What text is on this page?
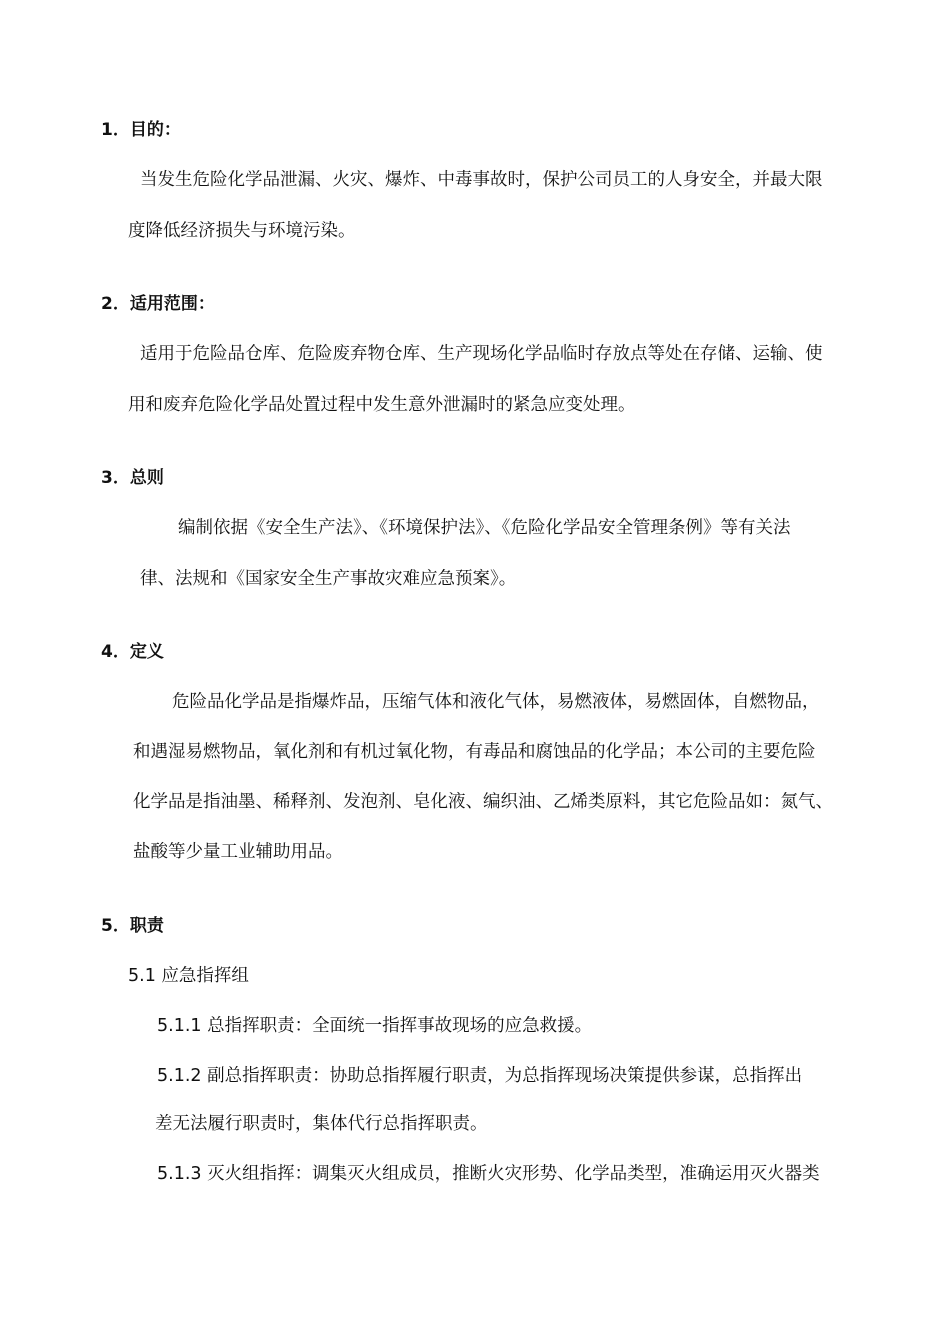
1．目的：
当发生危险化学品泄漏、火灾、爆炸、中毒事故时，保护公司员工的人身安全，并最大限
度降低经济损失与环境污染。
2．适用范围：
适用于危险品仓库、危险废弃物仓库、生产现场化学品临时存放点等处在存储、运输、使
用和废弃危险化学品处置过程中发生意外泄漏时的紧急应变处理。
3．总则
编制依据《安全生产法》、《环境保护法》、《危险化学品安全管理条例》等有关法
律、法规和《国家安全生产事故灾难应急预案》。
4．定义
危险品化学品是指爆炸品，压缩气体和液化气体，易燃液体，易燃固体，自燃物品，
和遇湿易燃物品，氧化剂和有机过氧化物，有毒品和腐蚀品的化学品；本公司的主要危险
化学品是指油墨、稀释剂、发泡剂、皂化液、编织油、乙烯类原料，其它危险品如：氮气、
盐酸等少量工业辅助用品。
5．职责
5.1 应急指挥组
5.1.1 总指挥职责：全面统一指挥事故现场的应急救援。
5.1.2 副总指挥职责：协助总指挥履行职责，为总指挥现场决策提供参谋，总指挥出
差无法履行职责时，集体代行总指挥职责。
5.1.3 灭火组指挥：调集灭火组成员，推断火灾形势、化学品类型，准确运用灭火器类
